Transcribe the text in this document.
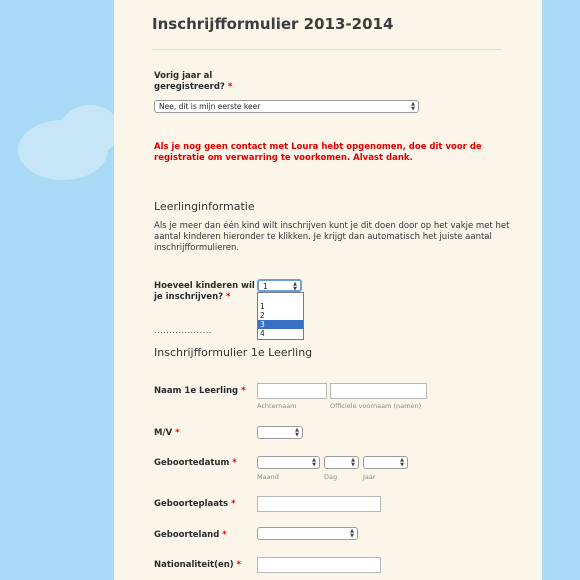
Inschrijfformulier 2013-2014
Vorig jaar al geregistreerd? *
Nee, dit is mijn eerste keer	▲
▼
Als je nog geen contact met Loura hebt opgenomen, doe dit voor de registratie om verwarring te voorkomen. Alvast dank.
Leerlinginformatie
Als je meer dan één kind wilt inschrijven kunt je dit doen door op het vakje met het aantal kinderen hieronder te klikken. Je krijgt dan automatisch het juiste aantal inschrijfformulieren.
Hoeveel kinderen wil je inschrijven? *
1	▲
▼
1
2
3
4
...................
Inschrijfformulier 1e Leerling
Naam 1e Leerling *
Achternaam	Officiele voornaam (namen)
M/V *	▲
▼
Geboortedatum *	▲
▼
▲
▼
▲
▼
Maand	Dag	Jaar
Geboorteplaats *
Geboorteland *	▲
▼
Nationaliteit(en) *
